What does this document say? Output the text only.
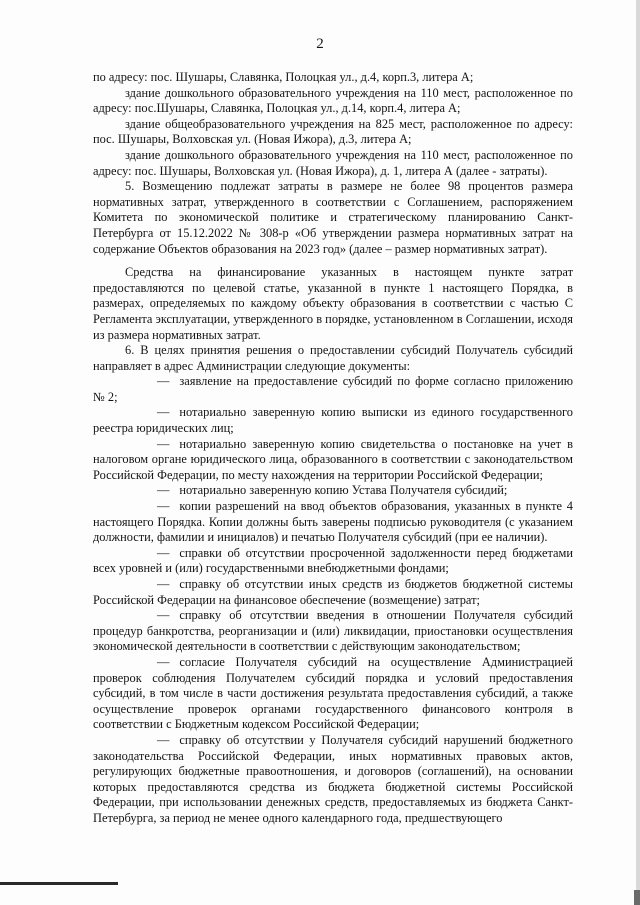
2

по адресу: пос. Шушары, Славянка, Полоцкая ул., д.4, корп.3, литера А;

здание дошкольного образовательного учреждения на 110 мест, расположенное по адресу: пос.Шушары, Славянка, Полоцкая ул., д.14, корп.4, литера А;

здание общеобразовательного учреждения на 825 мест, расположенное по адресу: пос. Шушары, Волховская ул. (Новая Ижора), д.3, литера А;

здание дошкольного образовательного учреждения на 110 мест, расположенное по адресу: пос. Шушары, Волховская ул. (Новая Ижора), д. 1, литера А (далее - затраты).

5. Возмещению подлежат затраты в размере не более 98 процентов размера нормативных затрат, утвержденного в соответствии с Соглашением, распоряжением Комитета по экономической политике и стратегическому планированию Санкт-Петербурга от 15.12.2022 № 308-р «Об утверждении размера нормативных затрат на содержание Объектов образования на 2023 год» (далее – размер нормативных затрат).

Средства на финансирование указанных в настоящем пункте затрат предоставляются по целевой статье, указанной в пункте 1 настоящего Порядка, в размерах, определяемых по каждому объекту образования в соответствии с частью С Регламента эксплуатации, утвержденного в порядке, установленном в Соглашении, исходя из размера нормативных затрат.

6. В целях принятия решения о предоставлении субсидий Получатель субсидий направляет в адрес Администрации следующие документы:

— заявление на предоставление субсидий по форме согласно приложению № 2;

— нотариально заверенную копию выписки из единого государственного реестра юридических лиц;

— нотариально заверенную копию свидетельства о постановке на учет в налоговом органе юридического лица, образованного в соответствии с законодательством Российской Федерации, по месту нахождения на территории Российской Федерации;

— нотариально заверенную копию Устава Получателя субсидий;

— копии разрешений на ввод объектов образования, указанных в пункте 4 настоящего Порядка. Копии должны быть заверены подписью руководителя (с указанием должности, фамилии и инициалов) и печатью Получателя субсидий (при ее наличии).

— справки об отсутствии просроченной задолженности перед бюджетами всех уровней и (или) государственными внебюджетными фондами;

— справку об отсутствии иных средств из бюджетов бюджетной системы Российской Федерации на финансовое обеспечение (возмещение) затрат;

— справку об отсутствии введения в отношении Получателя субсидий процедур банкротства, реорганизации и (или) ликвидации, приостановки осуществления экономической деятельности в соответствии с действующим законодательством;

— согласие Получателя субсидий на осуществление Администрацией проверок соблюдения Получателем субсидий порядка и условий предоставления субсидий, в том числе в части достижения результата предоставления субсидий, а также осуществление проверок органами государственного финансового контроля в соответствии с Бюджетным кодексом Российской Федерации;

— справку об отсутствии у Получателя субсидий нарушений бюджетного законодательства Российской Федерации, иных нормативных правовых актов, регулирующих бюджетные правоотношения, и договоров (соглашений), на основании которых предоставляются средства из бюджета бюджетной системы Российской Федерации, при использовании денежных средств, предоставляемых из бюджета Санкт-Петербурга, за период не менее одного календарного года, предшествующего
